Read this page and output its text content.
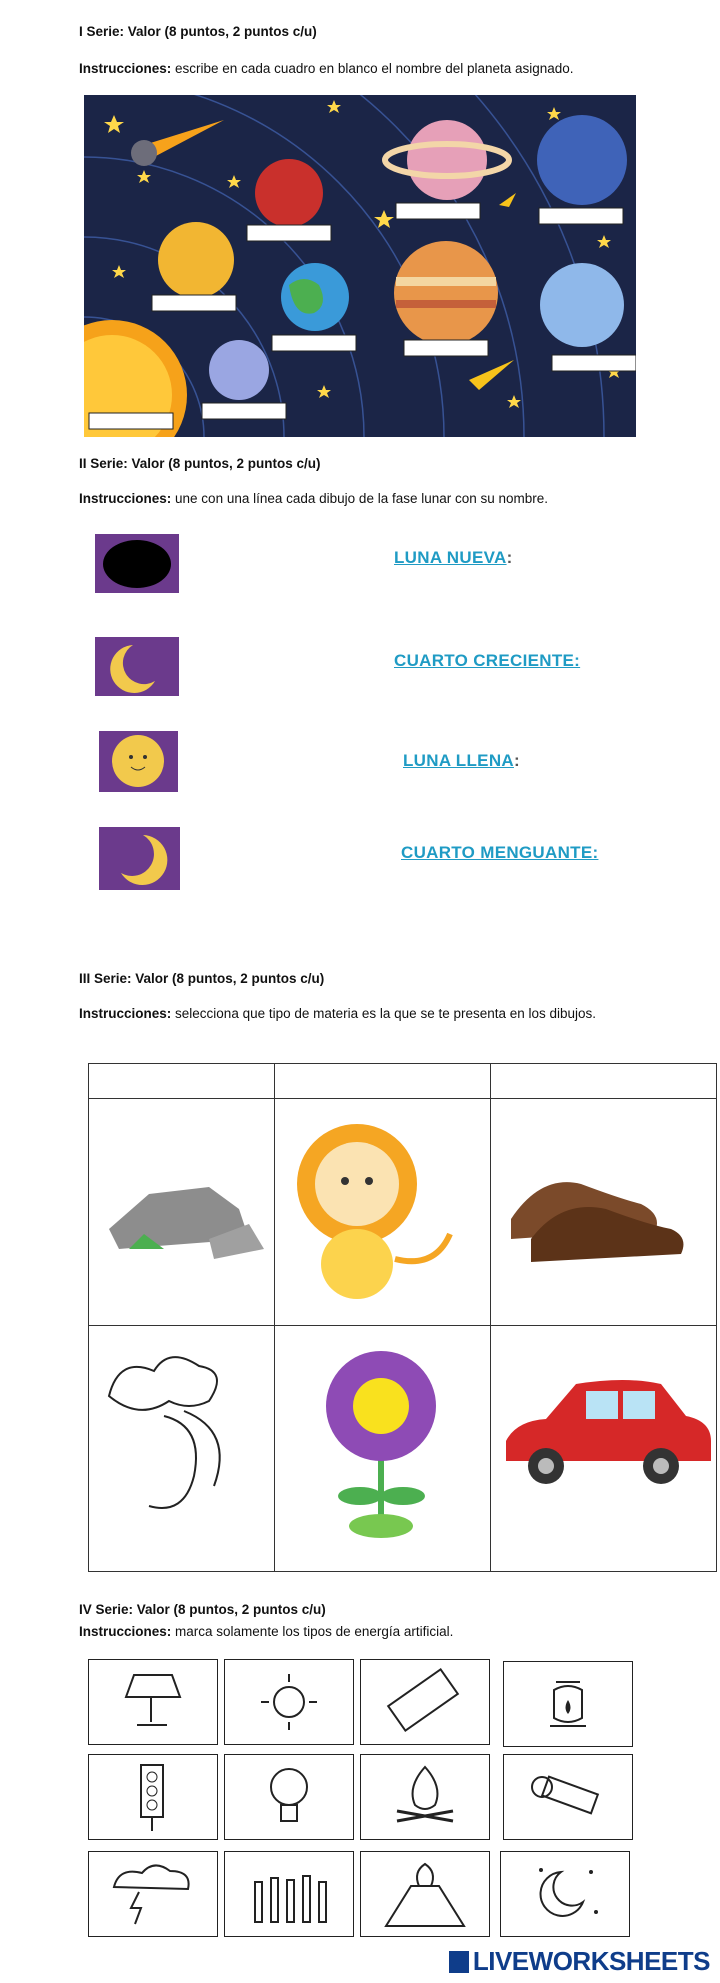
I Serie: Valor (8 puntos, 2 puntos c/u)
Instrucciones: escribe en cada cuadro en blanco el nombre del planeta asignado.
II Serie: Valor (8 puntos, 2 puntos c/u)
Instrucciones: une con una línea cada dibujo de la fase lunar con su nombre.
LUNA NUEVA:
CUARTO CRECIENTE:
LUNA LLENA:
CUARTO MENGUANTE:
III Serie: Valor (8 puntos, 2 puntos c/u)
Instrucciones: selecciona que tipo de materia es la que se te presenta en los dibujos.

IV Serie: Valor (8 puntos, 2 puntos c/u)
Instrucciones: marca solamente los tipos de energía artificial.
LIVEWORKSHEETS
